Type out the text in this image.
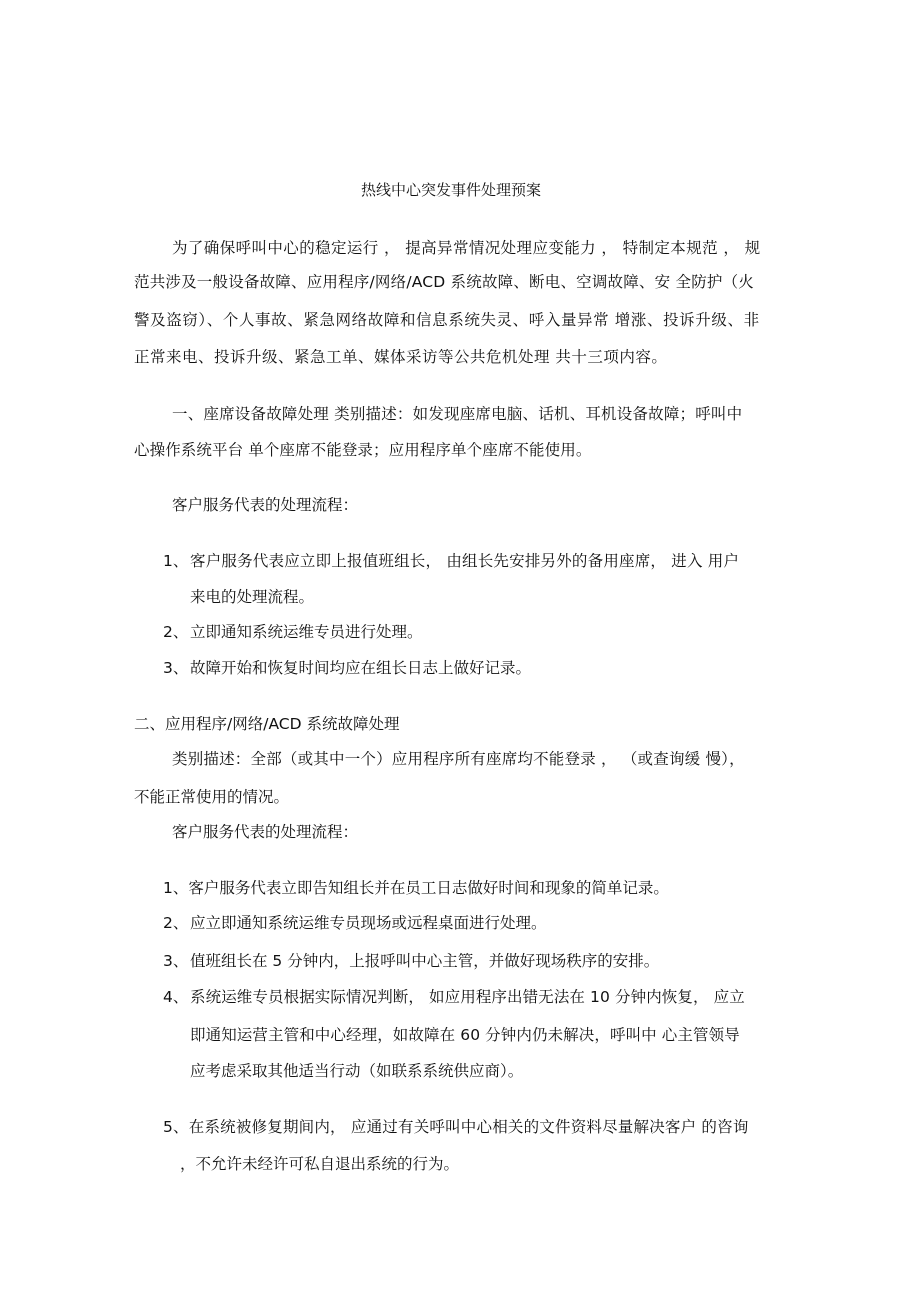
热线中心突发事件处理预案
为了确保呼叫中心的稳定运行 ， 提高异常情况处理应变能力 ， 特制定本规范 ， 规
范共涉及一般设备故障、应用程序/网络/ACD 系统故障、断电、空调故障、安 全防护（火
警及盗窃）、个人事故、紧急网络故障和信息系统失灵、呼入量异常 增涨、投诉升级、非
正常来电、投诉升级、紧急工单、媒体采访等公共危机处理 共十三项内容。
一、座席设备故障处理 类别描述：如发现座席电脑、话机、耳机设备故障；呼叫中
心操作系统平台 单个座席不能登录；应用程序单个座席不能使用。
客户服务代表的处理流程：
1、 客户服务代表应立即上报值班组长， 由组长先安排另外的备用座席， 进入 用户
来电的处理流程。
2、 立即通知系统运维专员进行处理。
3、 故障开始和恢复时间均应在组长日志上做好记录。
二、应用程序/网络/ACD 系统故障处理
类别描述：全部（或其中一个）应用程序所有座席均不能登录 ， （或查询缓 慢），
不能正常使用的情况。
客户服务代表的处理流程：
1、客户服务代表立即告知组长并在员工日志做好时间和现象的简单记录。
2、 应立即通知系统运维专员现场或远程桌面进行处理。
3、 值班组长在 5 分钟内，上报呼叫中心主管，并做好现场秩序的安排。
4、 系统运维专员根据实际情况判断， 如应用程序出错无法在 10 分钟内恢复， 应立
即通知运营主管和中心经理，如故障在 60 分钟内仍未解决，呼叫中 心主管领导
应考虑采取其他适当行动（如联系系统供应商）。
5、在系统被修复期间内， 应通过有关呼叫中心相关的文件资料尽量解决客户 的咨询
，不允许未经许可私自退出系统的行为。
